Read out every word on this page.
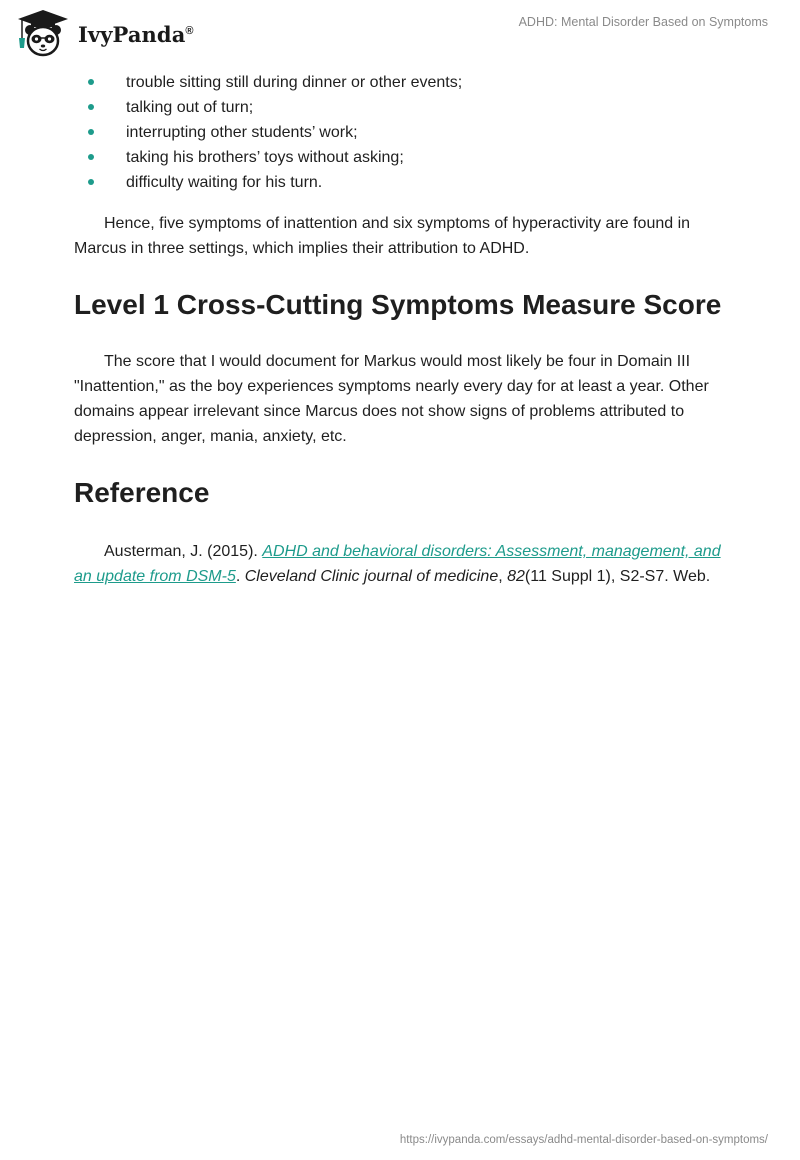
IvyPanda®
ADHD: Mental Disorder Based on Symptoms
trouble sitting still during dinner or other events;
talking out of turn;
interrupting other students’ work;
taking his brothers’ toys without asking;
difficulty waiting for his turn.

Hence, five symptoms of inattention and six symptoms of hyperactivity are found in Marcus in three settings, which implies their attribution to ADHD.

Level 1 Cross-Cutting Symptoms Measure Score

The score that I would document for Markus would most likely be four in Domain III "Inattention," as the boy experiences symptoms nearly every day for at least a year. Other domains appear irrelevant since Marcus does not show signs of problems attributed to depression, anger, mania, anxiety, etc.

Reference

Austerman, J. (2015). ADHD and behavioral disorders: Assessment, management, and an update from DSM-5. Cleveland Clinic journal of medicine, 82(11 Suppl 1), S2-S7. Web.

https://ivypanda.com/essays/adhd-mental-disorder-based-on-symptoms/
